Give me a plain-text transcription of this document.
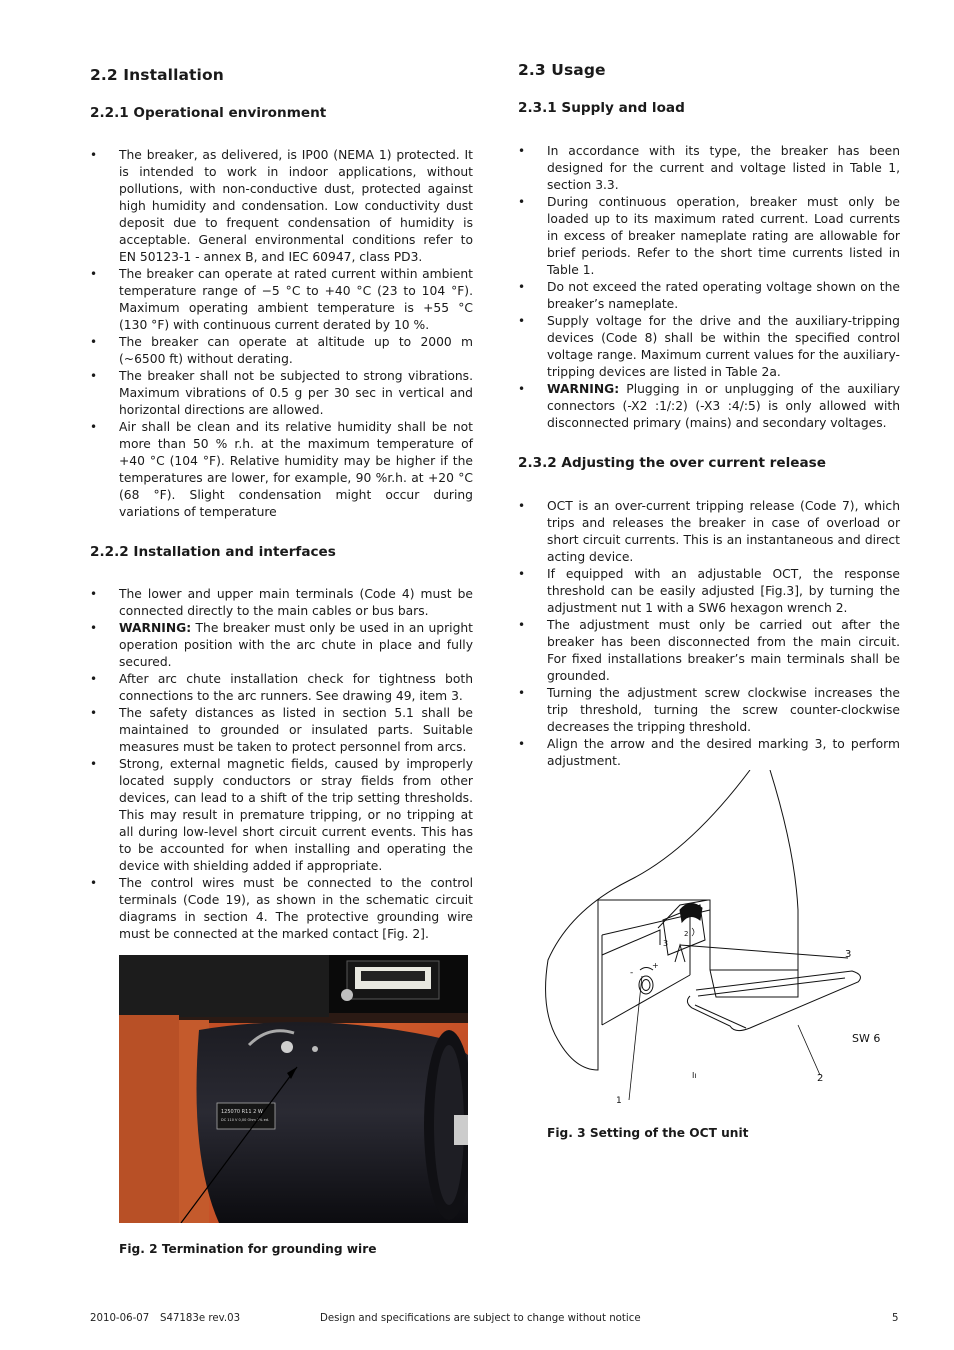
2.2 Installation
2.2.1 Operational environment
• The breaker, as delivered, is IP00 (NEMA 1) protected. It is intended to work in indoor applications, without pollutions, with non-conductive dust, protected against high humidity and condensation. Low conductivity dust deposit due to frequent condensation of humidity is acceptable. General environmental conditions refer to EN 50123-1 - annex B, and IEC 60947, class PD3.
• The breaker can operate at rated current within ambient temperature range of −5 °C to +40 °C (23 to 104 °F). Maximum operating ambient temperature is +55 °C (130 °F) with continuous current derated by 10 %.
• The breaker can operate at altitude up to 2000 m (~6500 ft) without derating.
• The breaker shall not be subjected to strong vibrations. Maximum vibrations of 0.5 g per 30 sec in vertical and horizontal directions are allowed.
• Air shall be clean and its relative humidity shall be not more than 50 % r.h. at the maximum temperature of +40 °C (104 °F). Relative humidity may be higher if the temperatures are lower, for example, 90 %r.h. at +20 °C (68 °F). Slight condensation might occur during variations of temperature
2.2.2 Installation and interfaces
• The lower and upper main terminals (Code 4) must be connected directly to the main cables or bus bars.
• WARNING: The breaker must only be used in an upright operation position with the arc chute in place and fully secured.
• After arc chute installation check for tightness both connections to the arc runners. See drawing 49, item 3.
• The safety distances as listed in section 5.1 shall be maintained to grounded or insulated parts. Suitable measures must be taken to protect personnel from arcs.
• Strong, external magnetic fields, caused by improperly located supply conductors or stray fields from other devices, can lead to a shift of the trip setting thresholds. This may result in premature tripping, or no tripping at all during low-level short circuit current events. This has to be accounted for when installing and operating the device with shielding added if appropriate.
• The control wires must be connected to the control terminals (Code 19), as shown in the schematic circuit diagrams in section 4. The protective grounding wire must be connected at the marked contact [Fig. 2].
125070 R11 2 W
DC 110 V 0,00 Ohm 2% ed.

Fig. 2 Termination for grounding wire

2.3 Usage
2.3.1 Supply and load
• In accordance with its type, the breaker has been designed for the current and voltage listed in Table 1, section 3.3.
• During continuous operation, breaker must only be loaded up to its maximum rated current. Load currents in excess of breaker nameplate rating are allowable for brief periods. Refer to the short time currents listed in Table 1.
• Do not exceed the rated operating voltage shown on the breaker’s nameplate.
• Supply voltage for the drive and the auxiliary-tripping devices (Code 8) shall be within the specified control voltage range. Maximum current values for the auxiliary-tripping devices are listed in Table 2a.
• WARNING: Plugging in or unplugging of the auxiliary connectors (-X2 :1/:2) (-X3 :4/:5) is only allowed with disconnected primary (mains) and secondary voltages.
2.3.2 Adjusting the over current release
• OCT is an over-current tripping release (Code 7), which trips and releases the breaker in case of overload or short circuit currents. This is an instantaneous and direct acting device.
• If equipped with an adjustable OCT, the response threshold can be easily adjusted [Fig.3], by turning the adjustment nut 1 with a SW6 hexagon wrench 2.
• The adjustment must only be carried out after the breaker has been disconnected from the main circuit. For fixed installations breaker’s main terminals shall be grounded.
• Turning the adjustment screw clockwise increases the trip threshold, turning the screw counter-clockwise decreases the tripping threshold.
• Align the arrow and the desired marking 3, to perform adjustment.
1
2
3
SW 6
3
2
-
+
Iı

Fig. 3 Setting of the OCT unit

2010-06-07 S47183e rev.03	Design and specifications are subject to change without notice	5
